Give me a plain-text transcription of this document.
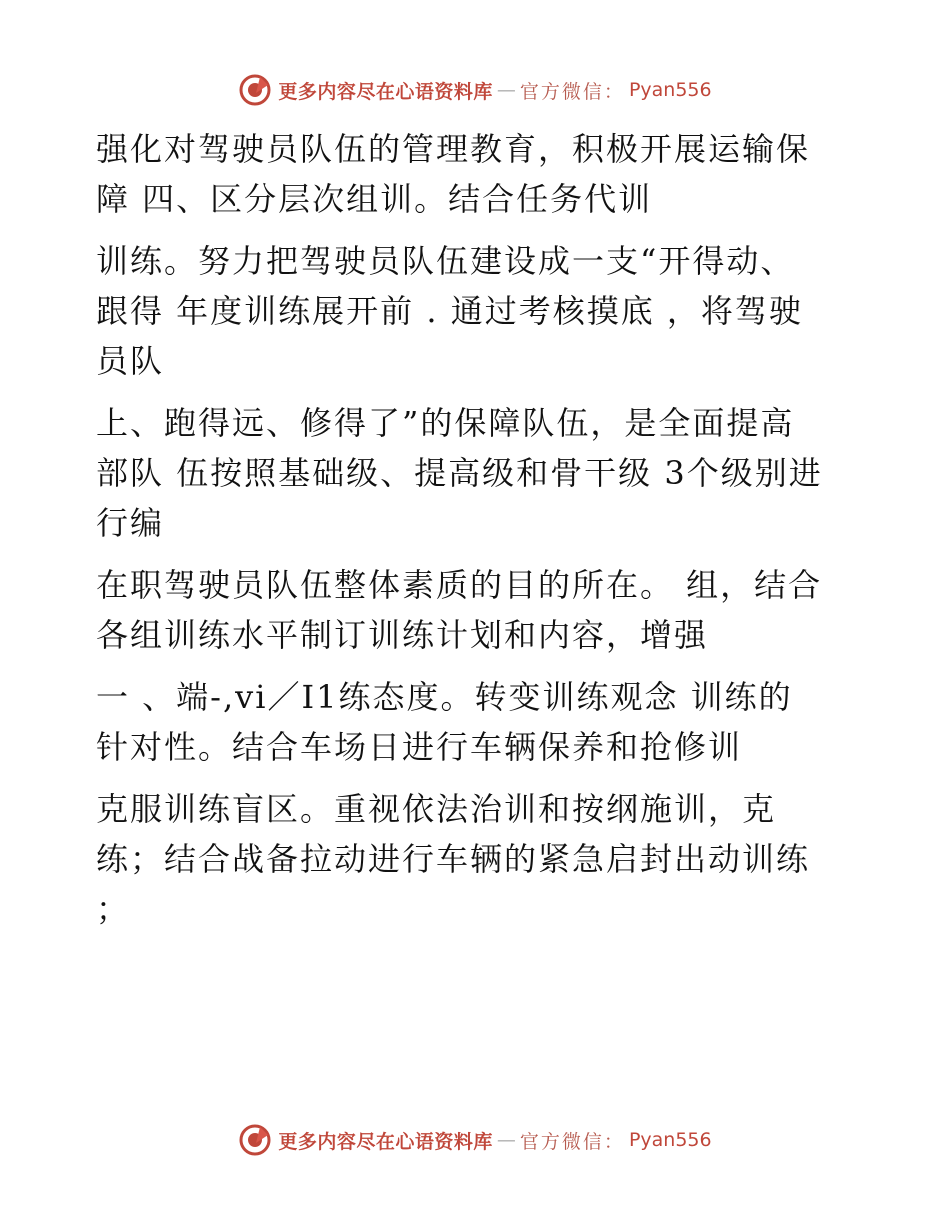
更多内容尽在心语资料库 — 官方微信： Pyan556
强化对驾驶员队伍的管理教育，积极开展运输保
障 四、区分层次组训。结合任务代训
训练。努力把驾驶员队伍建设成一支“开得动、
跟得 年度训练展开前 . 通过考核摸底 ，将驾驶
员队
上、跑得远、修得了”的保障队伍，是全面提高
部队 伍按照基础级、提高级和骨干级 3个级别进
行编
在职驾驶员队伍整体素质的目的所在。 组，结合
各组训练水平制订训练计划和内容，增强
一 、端-,vi／I1练态度。转变训练观念 训练的
针对性。结合车场日进行车辆保养和抢修训
克服训练盲区。重视依法治训和按纲施训，克
练；结合战备拉动进行车辆的紧急启封出动训练
；
更多内容尽在心语资料库 — 官方微信： Pyan556
